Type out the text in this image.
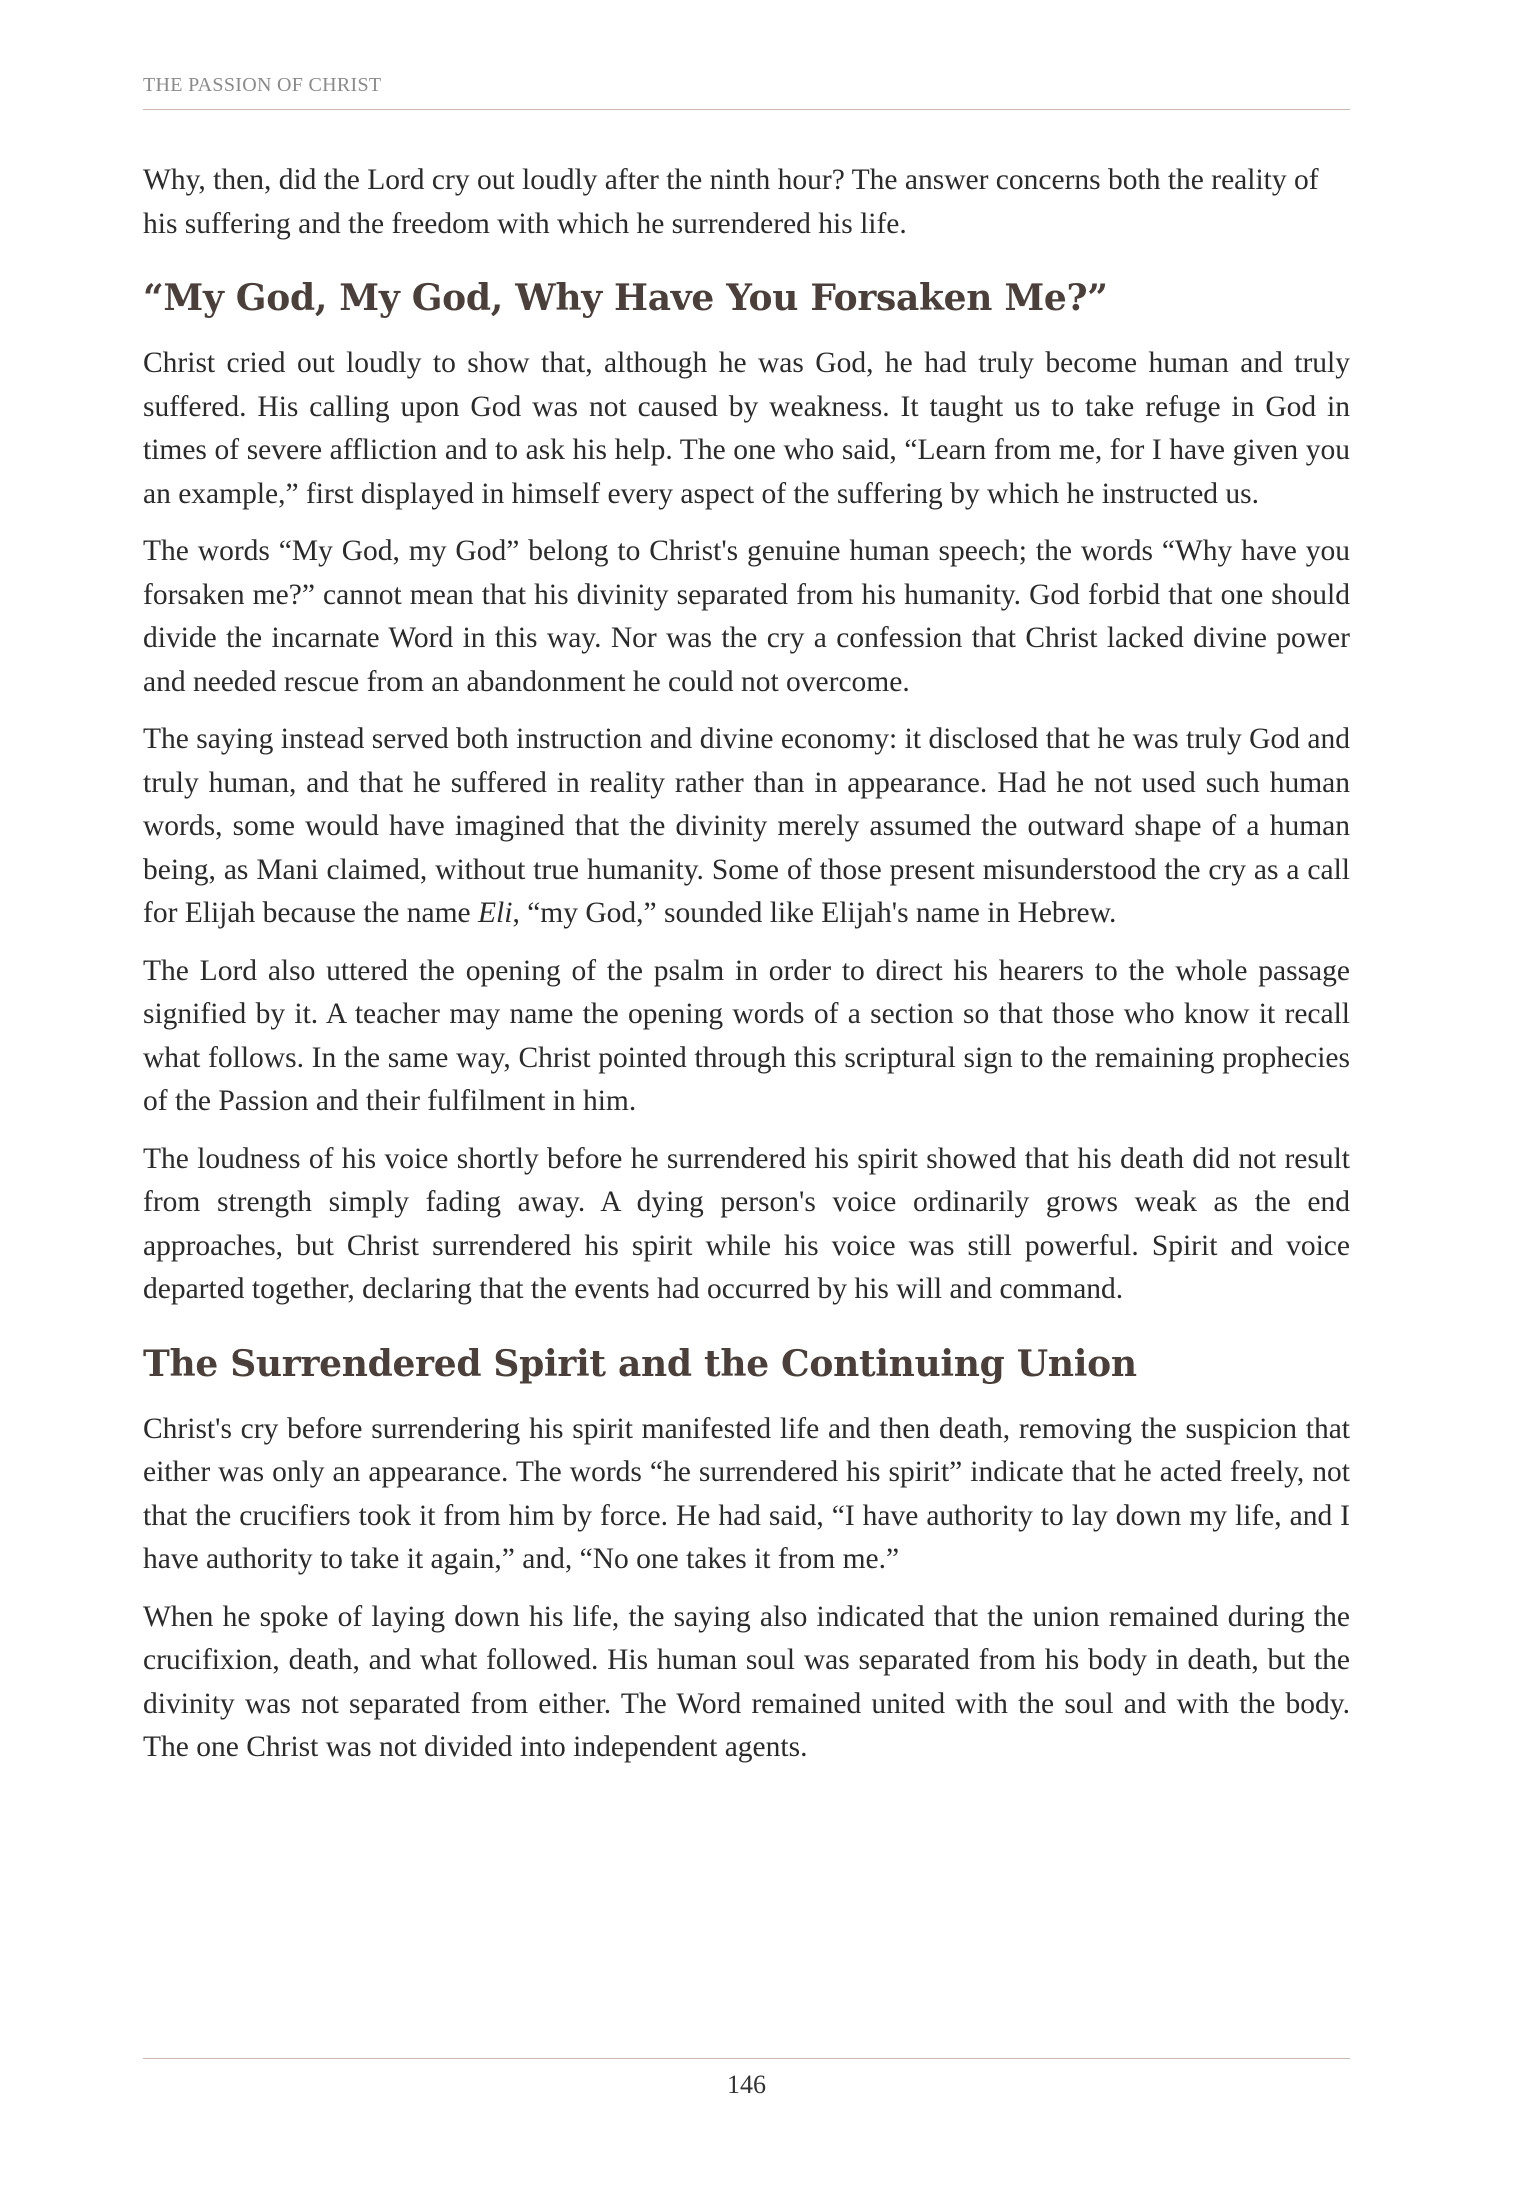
THE PASSION OF CHRIST

Why, then, did the Lord cry out loudly after the ninth hour? The answer concerns both the reality of his suffering and the freedom with which he surrendered his life.

“My God, My God, Why Have You Forsaken Me?”

Christ cried out loudly to show that, although he was God, he had truly become human and truly suffered. His calling upon God was not caused by weakness. It taught us to take refuge in God in times of severe affliction and to ask his help. The one who said, “Learn from me, for I have given you an example,” first displayed in himself every aspect of the suffering by which he instructed us.

The words “My God, my God” belong to Christ's genuine human speech; the words “Why have you forsaken me?” cannot mean that his divinity separated from his humanity. God forbid that one should divide the incarnate Word in this way. Nor was the cry a confession that Christ lacked divine power and needed rescue from an abandonment he could not overcome.

The saying instead served both instruction and divine economy: it disclosed that he was truly God and truly human, and that he suffered in reality rather than in appearance. Had he not used such human words, some would have imagined that the divinity merely assumed the outward shape of a human being, as Mani claimed, without true humanity. Some of those present misunderstood the cry as a call for Elijah because the name Eli, “my God,” sounded like Elijah's name in Hebrew.

The Lord also uttered the opening of the psalm in order to direct his hearers to the whole passage signified by it. A teacher may name the opening words of a section so that those who know it recall what follows. In the same way, Christ pointed through this scriptural sign to the remaining prophecies of the Passion and their fulfilment in him.

The loudness of his voice shortly before he surrendered his spirit showed that his death did not result from strength simply fading away. A dying person's voice ordinarily grows weak as the end approaches, but Christ surrendered his spirit while his voice was still powerful. Spirit and voice departed together, declaring that the events had occurred by his will and command.

The Surrendered Spirit and the Continuing Union

Christ's cry before surrendering his spirit manifested life and then death, removing the suspicion that either was only an appearance. The words “he surrendered his spirit” indicate that he acted freely, not that the crucifiers took it from him by force. He had said, “I have authority to lay down my life, and I have authority to take it again,” and, “No one takes it from me.”

When he spoke of laying down his life, the saying also indicated that the union remained during the crucifixion, death, and what followed. His human soul was separated from his body in death, but the divinity was not separated from either. The Word remained united with the soul and with the body. The one Christ was not divided into independent agents.

146
